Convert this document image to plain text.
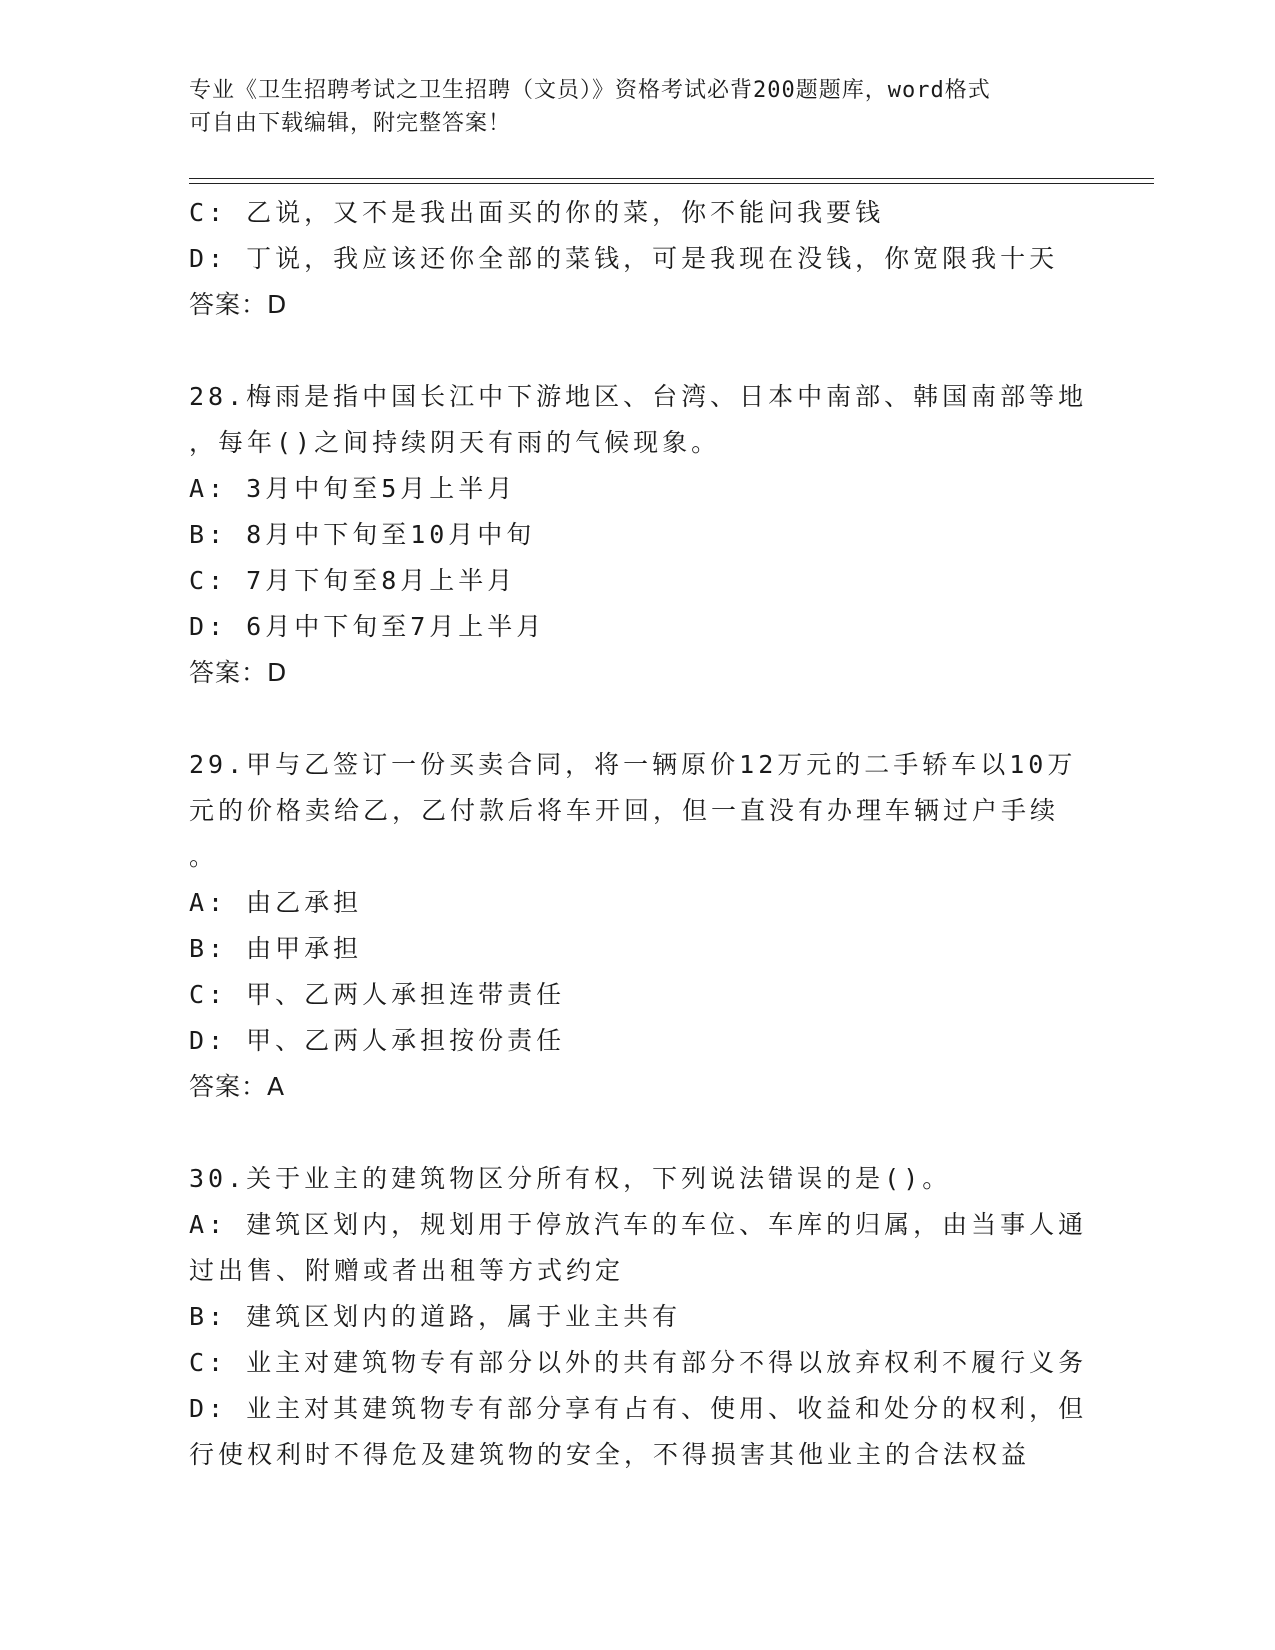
专业《卫生招聘考试之卫生招聘（文员）》资格考试必背200题题库，word格式
可自由下载编辑，附完整答案！
C: 乙说，又不是我出面买的你的菜，你不能问我要钱
D: 丁说，我应该还你全部的菜钱，可是我现在没钱，你宽限我十天
答案：D
28.梅雨是指中国长江中下游地区、台湾、日本中南部、韩国南部等地
，每年()之间持续阴天有雨的气候现象。
A: 3月中旬至5月上半月
B: 8月中下旬至10月中旬
C: 7月下旬至8月上半月
D: 6月中下旬至7月上半月
答案：D
29.甲与乙签订一份买卖合同，将一辆原价12万元的二手轿车以10万
元的价格卖给乙，乙付款后将车开回，但一直没有办理车辆过户手续
。
A: 由乙承担
B: 由甲承担
C: 甲、乙两人承担连带责任
D: 甲、乙两人承担按份责任
答案：A
30.关于业主的建筑物区分所有权，下列说法错误的是()。
A: 建筑区划内，规划用于停放汽车的车位、车库的归属，由当事人通
过出售、附赠或者出租等方式约定
B: 建筑区划内的道路，属于业主共有
C: 业主对建筑物专有部分以外的共有部分不得以放弃权利不履行义务
D: 业主对其建筑物专有部分享有占有、使用、收益和处分的权利，但
行使权利时不得危及建筑物的安全，不得损害其他业主的合法权益
